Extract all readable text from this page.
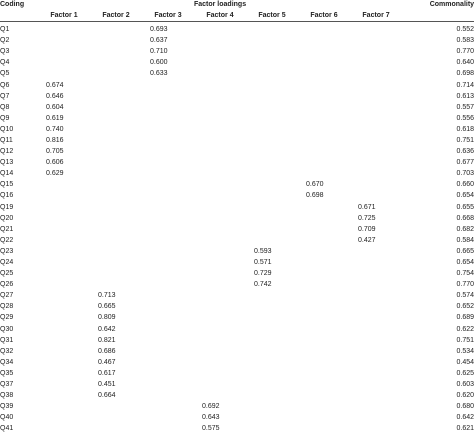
Coding	Factor loadings							Commonality
	Factor 1	Factor 2	Factor 3	Factor 4	Factor 5	Factor 6	Factor 7	
Q1			0.693					0.552
Q2			0.637					0.583
Q3			0.710					0.770
Q4			0.600					0.640
Q5			0.633					0.698
Q6	0.674							0.714
Q7	0.646							0.613
Q8	0.604							0.557
Q9	0.619							0.556
Q10	0.740							0.618
Q11	0.816							0.751
Q12	0.705							0.636
Q13	0.606							0.677
Q14	0.629							0.703
Q15						0.670		0.660
Q16						0.698		0.654
Q19							0.671	0.655
Q20							0.725	0.668
Q21							0.709	0.682
Q22							0.427	0.584
Q23					0.593			0.665
Q24					0.571			0.654
Q25					0.729			0.754
Q26					0.742			0.770
Q27		0.713						0.574
Q28		0.665						0.652
Q29		0.809						0.689
Q30		0.642						0.622
Q31		0.821						0.751
Q32		0.686						0.534
Q34		0.467						0.454
Q35		0.617						0.625
Q37		0.451						0.603
Q38		0.664						0.620
Q39				0.692				0.680
Q40				0.643				0.642
Q41				0.575				0.621
